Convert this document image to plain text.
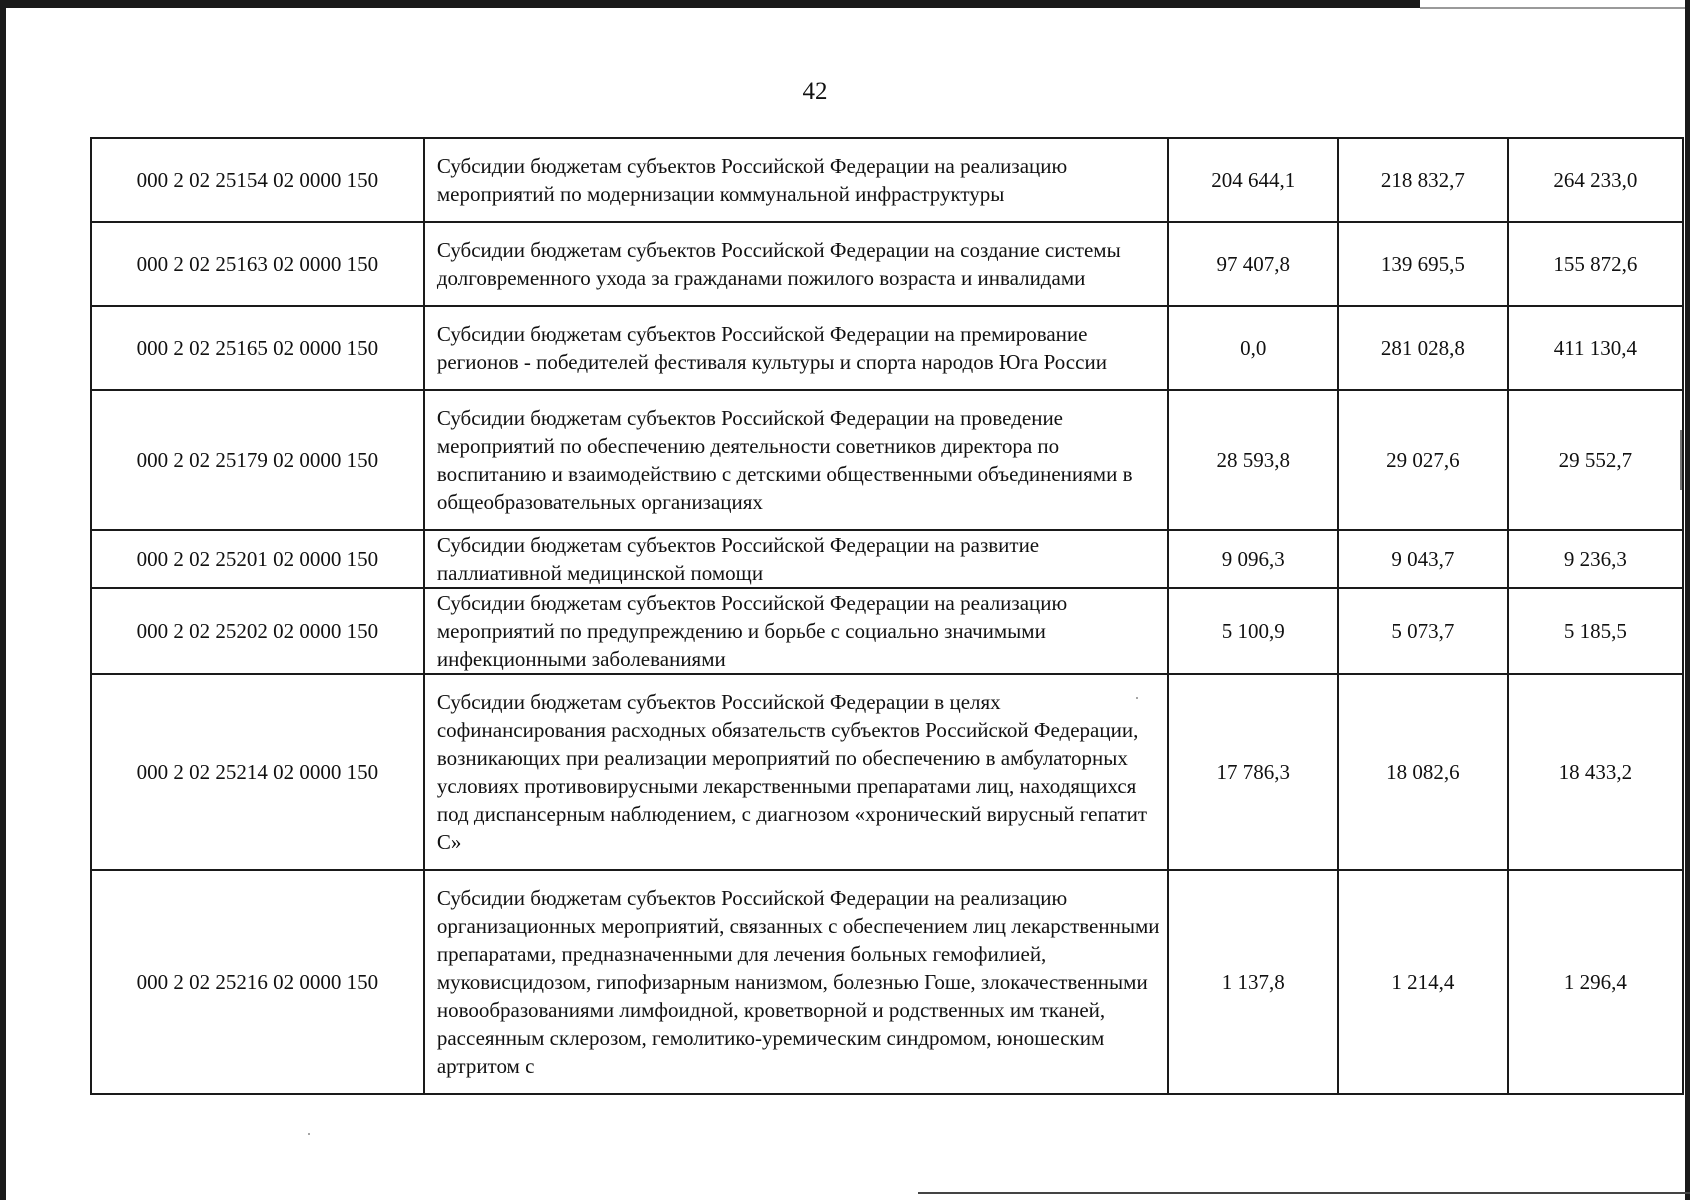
42
000 2 02 25154 02 0000 150	Субсидии бюджетам субъектов Российской Федерации на реализацию мероприятий по модернизации коммунальной инфраструктуры	204 644,1	218 832,7	264 233,0
000 2 02 25163 02 0000 150	Субсидии бюджетам субъектов Российской Федерации на создание системы долговременного ухода за гражданами пожилого возраста и инвалидами	97 407,8	139 695,5	155 872,6
000 2 02 25165 02 0000 150	Субсидии бюджетам субъектов Российской Федерации на премирование регионов - победителей фестиваля культуры и спорта народов Юга России	0,0	281 028,8	411 130,4
000 2 02 25179 02 0000 150	Субсидии бюджетам субъектов Российской Федерации на проведение мероприятий по обеспечению деятельности советников директора по воспитанию и взаимодействию с детскими общественными объединениями в общеобразовательных организациях	28 593,8	29 027,6	29 552,7
000 2 02 25201 02 0000 150	Субсидии бюджетам субъектов Российской Федерации на развитие паллиативной медицинской помощи	9 096,3	9 043,7	9 236,3
000 2 02 25202 02 0000 150	Субсидии бюджетам субъектов Российской Федерации на реализацию мероприятий по предупреждению и борьбе с социально значимыми инфекционными заболеваниями	5 100,9	5 073,7	5 185,5
000 2 02 25214 02 0000 150	Субсидии бюджетам субъектов Российской Федерации в целях софинансирования расходных обязательств субъектов Российской Федерации, возникающих при реализации мероприятий по обеспечению в амбулаторных условиях противовирусными лекарственными препаратами лиц, находящихся под диспансерным наблюдением, с диагнозом «хронический вирусный гепатит С»	17 786,3	18 082,6	18 433,2
000 2 02 25216 02 0000 150	Субсидии бюджетам субъектов Российской Федерации на реализацию организационных мероприятий, связанных с обеспечением лиц лекарственными препаратами, предназначенными для лечения больных гемофилией, муковисцидозом, гипофизарным нанизмом, болезнью Гоше, злокачественными новообразованиями лимфоидной, кроветворной и родственных им тканей, рассеянным склерозом, гемолитико-уремическим синдромом, юношеским артритом с	1 137,8	1 214,4	1 296,4
